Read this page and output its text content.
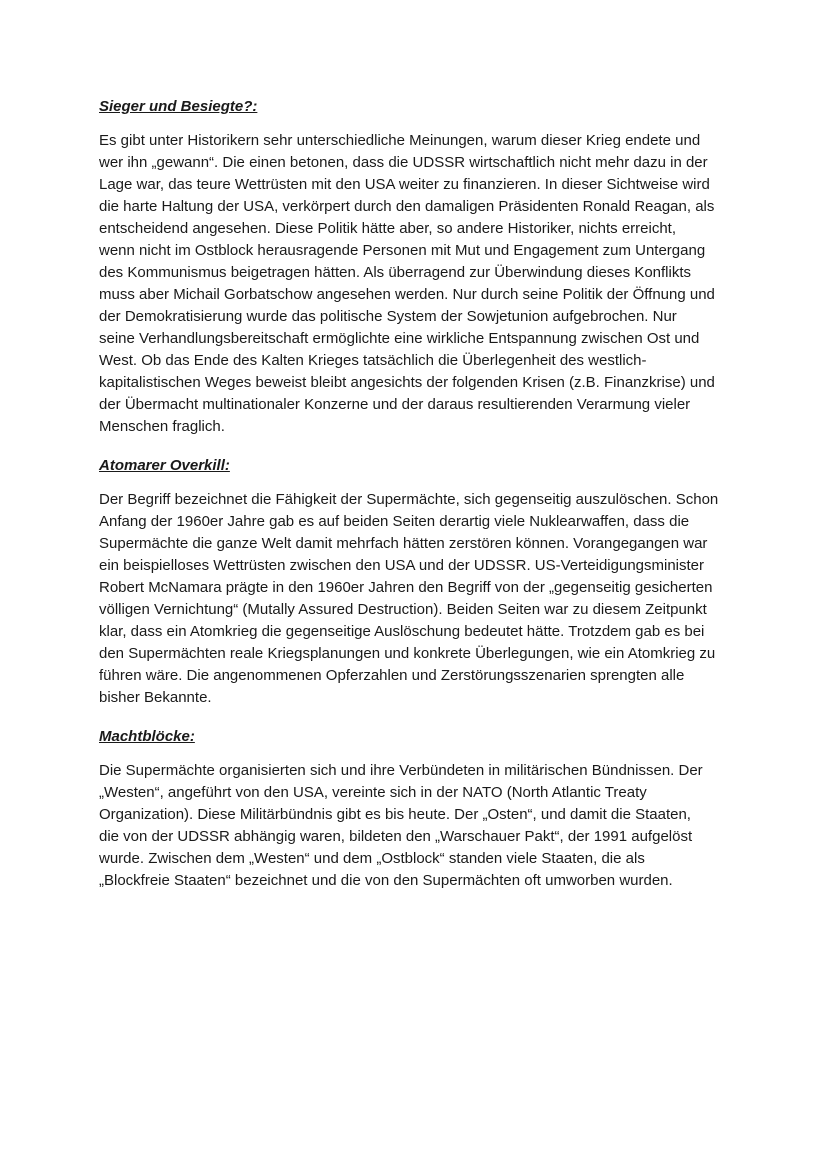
Sieger und Besiegte?:

Es gibt unter Historikern sehr unterschiedliche Meinungen, warum dieser Krieg endete und
wer ihn „gewann“. Die einen betonen, dass die UDSSR wirtschaftlich nicht mehr dazu in der
Lage war, das teure Wettrüsten mit den USA weiter zu finanzieren. In dieser Sichtweise wird
die harte Haltung der USA, verkörpert durch den damaligen Präsidenten Ronald Reagan, als
entscheidend angesehen. Diese Politik hätte aber, so andere Historiker, nichts erreicht,
wenn nicht im Ostblock herausragende Personen mit Mut und Engagement zum Untergang
des Kommunismus beigetragen hätten. Als überragend zur Überwindung dieses Konflikts
muss aber Michail Gorbatschow angesehen werden. Nur durch seine Politik der Öffnung und
der Demokratisierung wurde das politische System der Sowjetunion aufgebrochen. Nur
seine Verhandlungsbereitschaft ermöglichte eine wirkliche Entspannung zwischen Ost und
West. Ob das Ende des Kalten Krieges tatsächlich die Überlegenheit des westlich-
kapitalistischen Weges beweist bleibt angesichts der folgenden Krisen (z.B. Finanzkrise) und
der Übermacht multinationaler Konzerne und der daraus resultierenden Verarmung vieler
Menschen fraglich.

Atomarer Overkill:

Der Begriff bezeichnet die Fähigkeit der Supermächte, sich gegenseitig auszulöschen. Schon
Anfang der 1960er Jahre gab es auf beiden Seiten derartig viele Nuklearwaffen, dass die
Supermächte die ganze Welt damit mehrfach hätten zerstören können. Vorangegangen war
ein beispielloses Wettrüsten zwischen den USA und der UDSSR. US-Verteidigungsminister
Robert McNamara prägte in den 1960er Jahren den Begriff von der „gegenseitig gesicherten
völligen Vernichtung“ (Mutally Assured Destruction). Beiden Seiten war zu diesem Zeitpunkt
klar, dass ein Atomkrieg die gegenseitige Auslöschung bedeutet hätte. Trotzdem gab es bei
den Supermächten reale Kriegsplanungen und konkrete Überlegungen, wie ein Atomkrieg zu
führen wäre. Die angenommenen Opferzahlen und Zerstörungsszenarien sprengten alle
bisher Bekannte.

Machtblöcke:

Die Supermächte organisierten sich und ihre Verbündeten in militärischen Bündnissen. Der
„Westen“, angeführt von den USA, vereinte sich in der NATO (North Atlantic Treaty
Organization). Diese Militärbündnis gibt es bis heute. Der „Osten“, und damit die Staaten,
die von der UDSSR abhängig waren, bildeten den „Warschauer Pakt“, der 1991 aufgelöst
wurde. Zwischen dem „Westen“ und dem „Ostblock“ standen viele Staaten, die als
„Blockfreie Staaten“ bezeichnet und die von den Supermächten oft umworben wurden.
